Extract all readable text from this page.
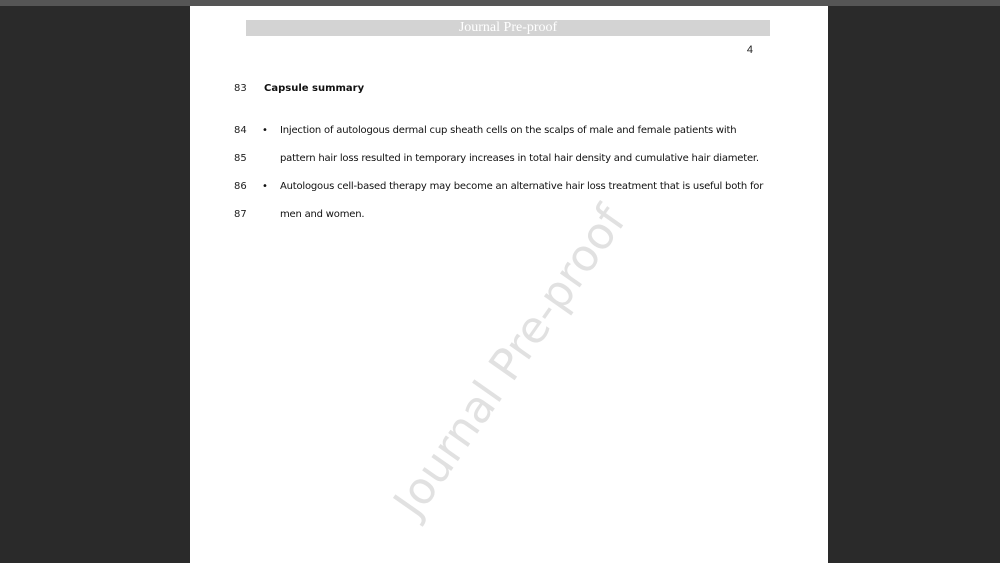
Journal Pre-proof
4
83	Capsule summary
84	• Injection of autologous dermal cup sheath cells on the scalps of male and female patients with
85	pattern hair loss resulted in temporary increases in total hair density and cumulative hair diameter.
86	• Autologous cell-based therapy may become an alternative hair loss treatment that is useful both for
87	men and women. Journal Pre-proof
